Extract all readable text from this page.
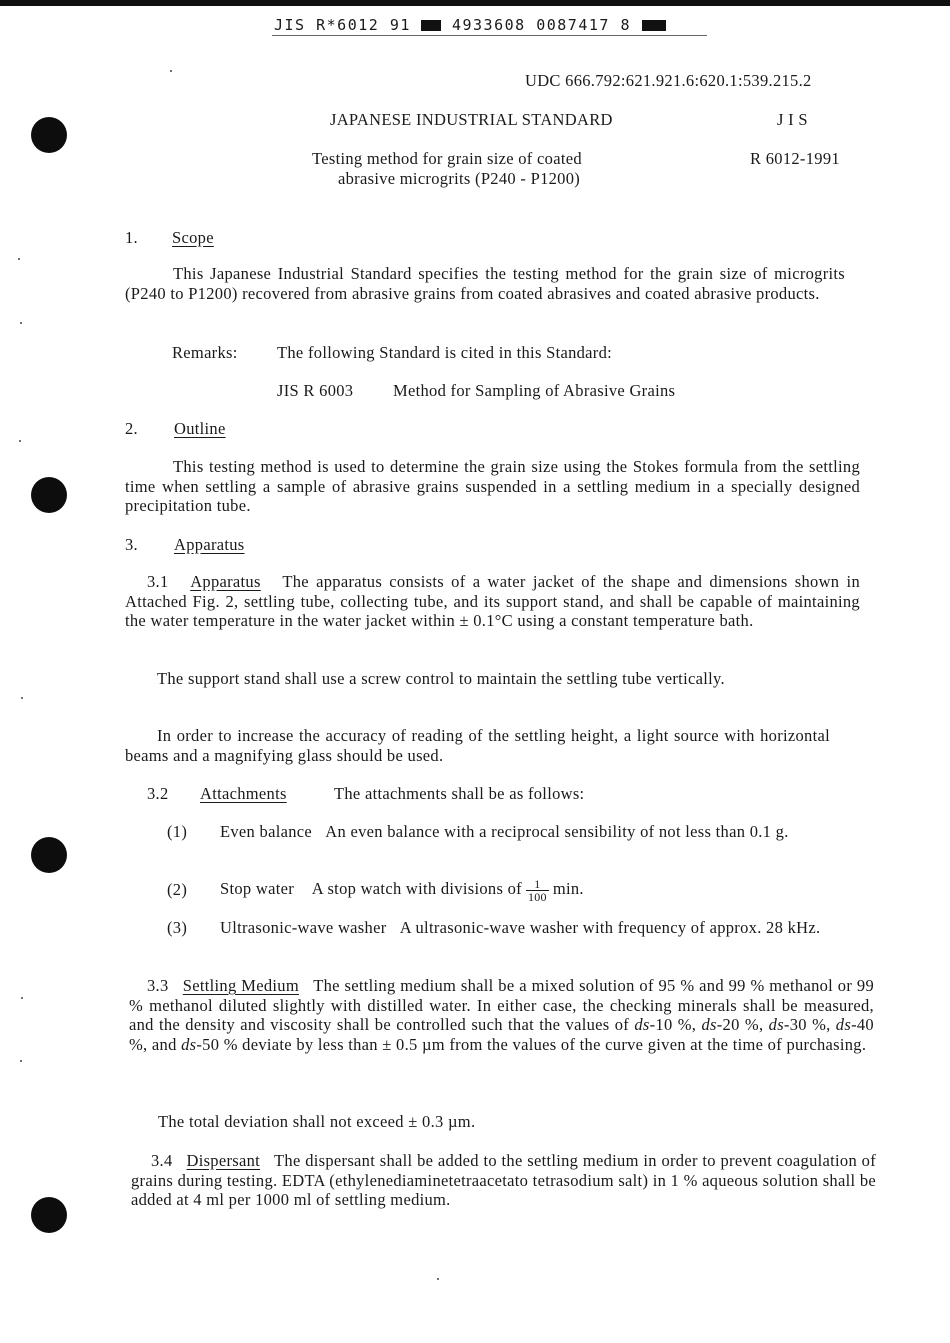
JIS R*6012 91	4933608 0087417 8
UDC 666.792:621.921.6:620.1:539.215.2
JAPANESE INDUSTRIAL STANDARD	J I S
Testing method for grain size of coated
abrasive microgrits (P240 - P1200)
R 6012-1991
1. Scope

This Japanese Industrial Standard specifies the testing method for the grain size of microgrits (P240 to P1200) recovered from abrasive grains from coated abrasives and coated abrasive products.

Remarks: The following Standard is cited in this Standard:
JIS R 6003 Method for Sampling of Abrasive Grains
2. Outline

This testing method is used to determine the grain size using the Stokes formula from the settling time when settling a sample of abrasive grains suspended in a settling medium in a specially designed precipitation tube.

3. Apparatus

3.1 Apparatus The apparatus consists of a water jacket of the shape and dimensions shown in Attached Fig. 2, settling tube, collecting tube, and its support stand, and shall be capable of maintaining the water temperature in the water jacket within ± 0.1°C using a constant temperature bath.

The support stand shall use a screw control to maintain the settling tube vertically.

In order to increase the accuracy of reading of the settling height, a light source with horizontal beams and a magnifying glass should be used.

3.2 Attachments	The attachments shall be as follows:
(1) Even balance An even balance with a reciprocal sensibility of not less than 0.1 g.

(2) Stop water A stop watch with divisions of $\frac{1}{100} \min$.
(3) Ultrasonic-wave washer A ultrasonic-wave washer with frequency of approx. 28 kHz.

3.3 Settling Medium The settling medium shall be a mixed solution of 95 % and 99 % methanol or 99 % methanol diluted slightly with distilled water. In either case, the checking minerals shall be measured, and the density and viscosity shall be controlled such that the values of ds-10 %, ds-20 %, ds-30 %, ds-40 %, and ds-50 % deviate by less than ± 0.5 µm from the values of the curve given at the time of purchasing.

The total deviation shall not exceed ± 0.3 µm.

3.4 Dispersant The dispersant shall be added to the settling medium in order to prevent coagulation of grains during testing. EDTA (ethylenediaminetetraacetato tetrasodium salt) in 1 % aqueous solution shall be added at 4 ml per 1000 ml of settling medium.
